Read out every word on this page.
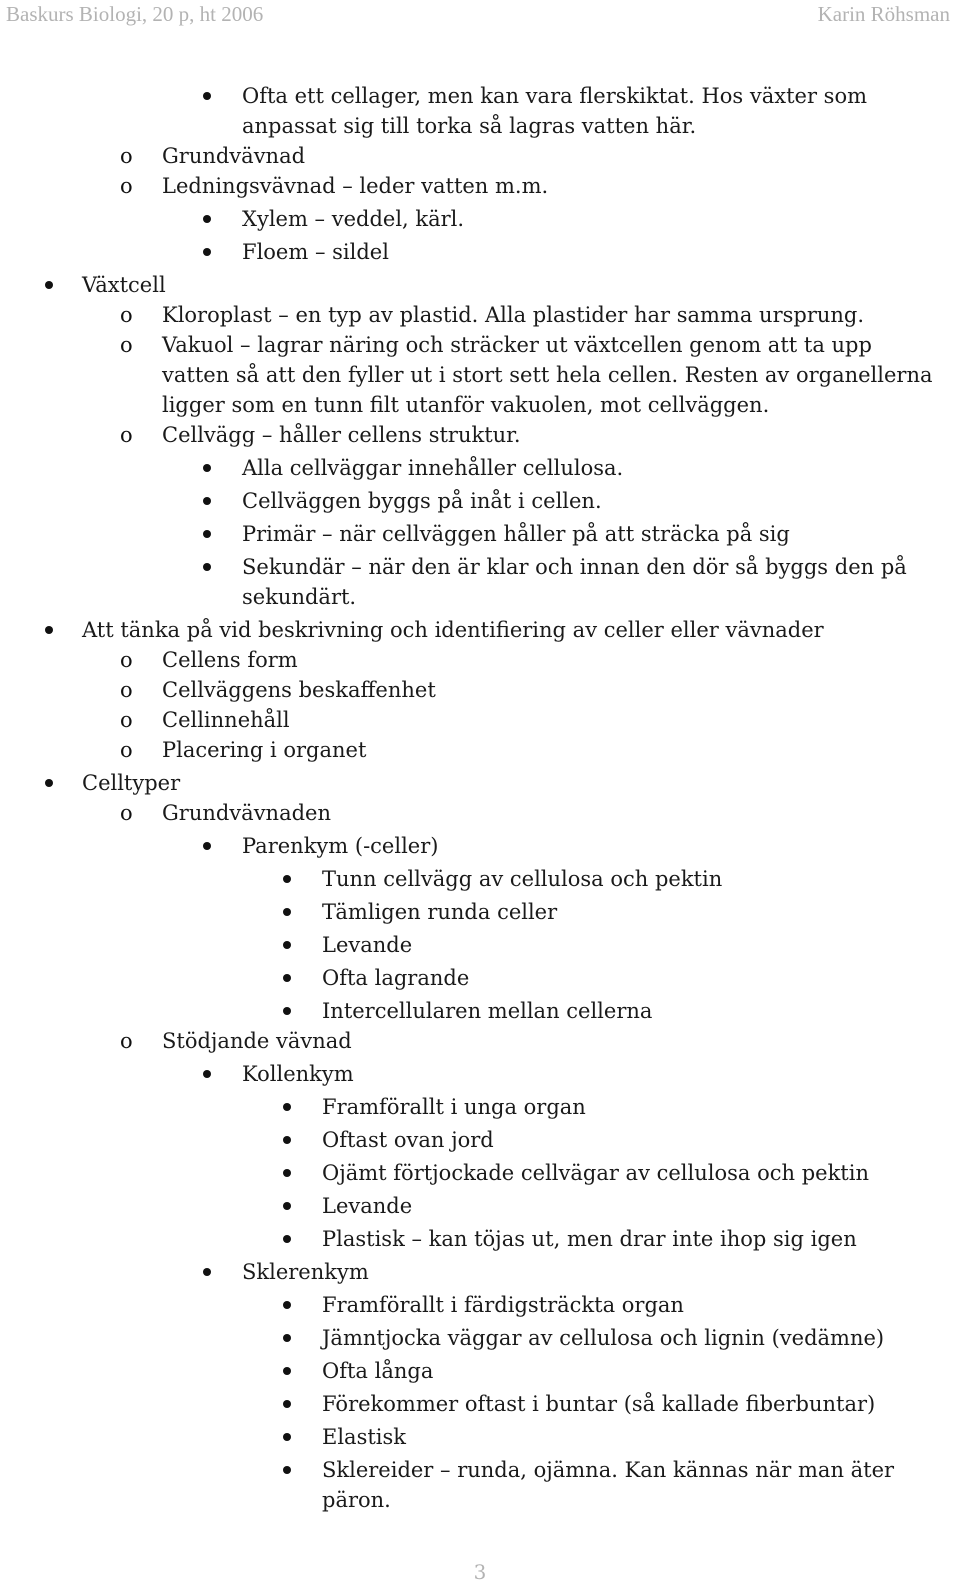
Baskurs Biologi, 20 p, ht 2006	Karin Röhsman
Ofta ett cellager, men kan vara flerskiktat. Hos växter som anpassat sig till torka så lagras vatten här.
o Grundvävnad
o Ledningsvävnad – leder vatten m.m.
Xylem – veddel, kärl.
Floem – sildel
Växtcell
o Kloroplast – en typ av plastid. Alla plastider har samma ursprung.
o Vakuol – lagrar näring och sträcker ut växtcellen genom att ta upp vatten så att den fyller ut i stort sett hela cellen. Resten av organellerna ligger som en tunn filt utanför vakuolen, mot cellväggen.
o Cellvägg – håller cellens struktur.
Alla cellväggar innehåller cellulosa.
Cellväggen byggs på inåt i cellen.
Primär – när cellväggen håller på att sträcka på sig
Sekundär – när den är klar och innan den dör så byggs den på sekundärt.
Att tänka på vid beskrivning och identifiering av celler eller vävnader
o Cellens form
o Cellväggens beskaffenhet
o Cellinnehåll
o Placering i organet
Celltyper
o Grundvävnaden
Parenkym (-celler)
Tunn cellvägg av cellulosa och pektin
Tämligen runda celler
Levande
Ofta lagrande
Intercellularen mellan cellerna
o Stödjande vävnad
Kollenkym
Framförallt i unga organ
Oftast ovan jord
Ojämt förtjockade cellvägar av cellulosa och pektin
Levande
Plastisk – kan töjas ut, men drar inte ihop sig igen
Sklerenkym
Framförallt i färdigsträckta organ
Jämntjocka väggar av cellulosa och lignin (vedämne)
Ofta långa
Förekommer oftast i buntar (så kallade fiberbuntar)
Elastisk
Sklereider – runda, ojämna. Kan kännas när man äter päron.
3
